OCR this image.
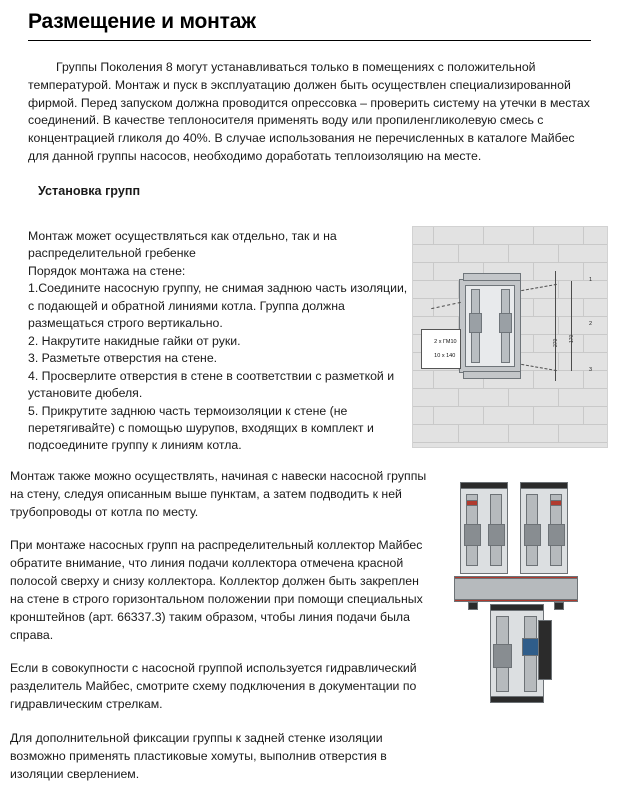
Размещение и монтаж

Группы Поколения 8 могут устанавливаться только в помещениях с положительной температурой. Монтаж и пуск в эксплуатацию должен быть осуществлен специализированной фирмой. Перед запуском должна проводится опрессовка – проверить систему на утечки в местах соединений. В качестве теплоносителя применять воду или пропиленгликолевую смесь с концентрацией гликоля до 40%. В случае использования не перечисленных в каталоге Майбес для данной группы насосов, необходимо доработать теплоизоляцию на месте.

Установка групп

Монтаж может осуществляться как отдельно, так и на распределительной гребенке

Порядок монтажа на стене:

1.Соедините насосную группу, не снимая заднюю часть изоляции, с подающей и обратной линиями котла. Группа должна размещаться строго вертикально.

2. Накрутите накидные гайки от руки.

3. Разметьте отверстия на стене.

4. Просверлите отверстия в стене в соответствии с разметкой и установите дюбеля.

5. Прикрутите заднюю часть термоизоляции к стене (не перетягивайте) с помощью шурупов, входящих в комплект и подсоедините группу к линиям котла.

Монтаж также можно осуществлять, начиная с навески насосной группы на стену, следуя описанным выше пунктам, а затем подводить к ней трубопроводы от котла по месту.

При монтаже насосных групп на распределительный коллектор Майбес обратите внимание, что линия подачи коллектора отмечена красной полосой сверху и снизу коллектора. Коллектор должен быть закреплен на стене в строго горизонтальном положении при помощи специальных кронштейнов (арт. 66337.3) таким образом, чтобы линия подачи была справа.

Если в совокупности с насосной группой используется гидравлический разделитель Майбес, смотрите схему подключения в документации по гидравлическим стрелкам.

Для дополнительной фиксации группы к задней стенке изоляции возможно применять пластиковые хомуты, выполнив отверстия в изоляции сверлением.

270 170
1
2
3

2 x ГМ10

10 x 140
